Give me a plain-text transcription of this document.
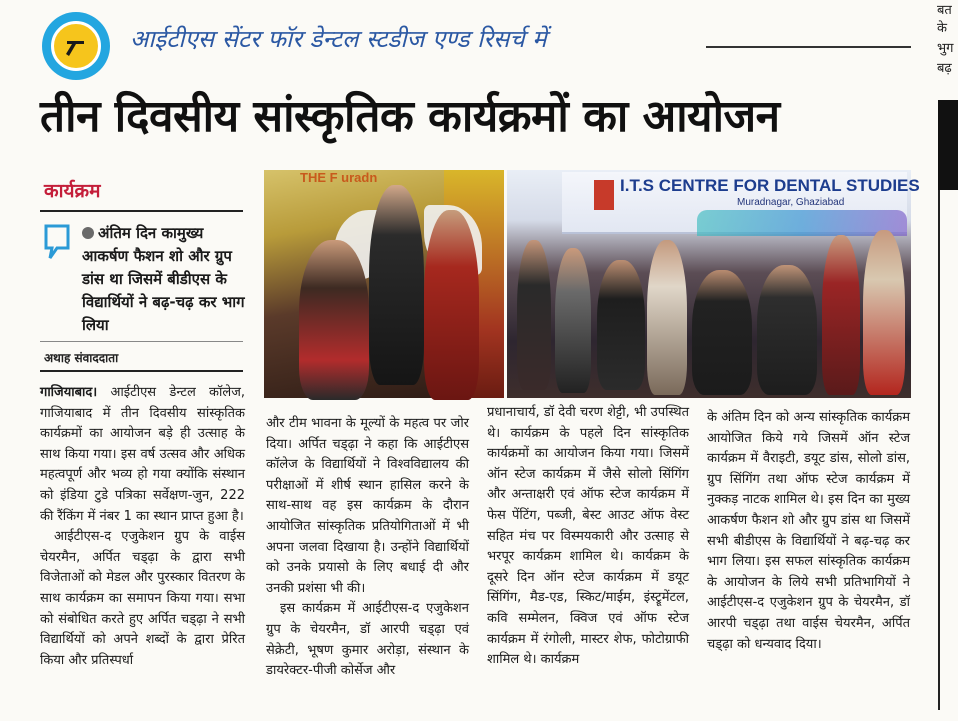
आईटीएस सेंटर फॉर डेन्टल स्टडीज एण्ड रिसर्च में
तीन दिवसीय सांस्कृतिक कार्यक्रमों का आयोजन
कार्यक्रम
अंतिम दिन कामुख्य आकर्षण फैशन शो और ग्रुप डांस था जिसमें बीडीएस के विद्यार्थियों ने बढ़-चढ़ कर भाग लिया
अथाह संवाददाता
THE F uradn	I.T.S CENTRE FOR DENTAL STUDIES
Muradnagar, Ghaziabad

गाजियाबाद। आईटीएस डेन्टल कॉलेज, गाजियाबाद में तीन दिवसीय सांस्कृतिक कार्यक्रमों का आयोजन बड़े ही उत्साह के साथ किया गया। इस वर्ष उत्सव और अधिक महत्वपूर्ण और भव्य हो गया क्योंकि संस्थान को इंडिया टुडे पत्रिका सर्वेक्षण-जुन, 222 की रैंकिंग में नंबर 1 का स्थान प्राप्त हुआ है।

आईटीएस-द एजुकेशन ग्रुप के वाईस चेयरमैन, अर्पित चड्ढ़ा के द्वारा सभी विजेताओं को मेडल और पुरस्कार वितरण के साथ कार्यक्रम का समापन किया गया। सभा को संबोधित करते हुए अर्पित चड्ढ़ा ने सभी विद्यार्थियों को अपने शब्दों के द्वारा प्रेरित किया और प्रतिस्पर्धा

और टीम भावना के मूल्यों के महत्व पर जोर दिया। अर्पित चड्ढ़ा ने कहा कि आईटीएस कॉलेज के विद्यार्थियों ने विश्वविद्यालय की परीक्षाओं में शीर्ष स्थान हासिल करने के साथ-साथ वह इस कार्यक्रम के दौरान आयोजित सांस्कृतिक प्रतियोगिताओं में भी अपना जलवा दिखाया है। उन्होंने विद्यार्थियों को उनके प्रयासो के लिए बधाई दी और उनकी प्रशंसा भी की।

इस कार्यक्रम में आईटीएस-द एजुकेशन ग्रुप के चेयरमैन, डॉ आरपी चड्ढ़ा एवं सेक्रेटी, भूषण कुमार अरोड़ा, संस्थान के डायरेक्टर-पीजी कोर्सेज और

प्रधानाचार्य, डॉ देवी चरण शेट्टी, भी उपस्थित थे। कार्यक्रम के पहले दिन सांस्कृतिक कार्यक्रमों का आयोजन किया गया। जिसमें ऑन स्टेज कार्यक्रम में जैसे सोलो सिंगिंग और अन्ताक्षरी एवं ऑफ स्टेज कार्यक्रम में फेस पेंटिंग, पब्जी, बेस्ट आउट ऑफ वेस्ट सहित मंच पर विस्मयकारी और उत्साह से भरपूर कार्यक्रम शामिल थे। कार्यक्रम के दूसरे दिन ऑन स्टेज कार्यक्रम में डयूट सिंगिंग, मैड-एड, स्किट/माईम, इंस्ट्रूमेंटल, कवि सम्मेलन, क्विज एवं ऑफ स्टेज कार्यक्रम में रंगोली, मास्टर शेफ, फोटोग्राफी शामिल थे। कार्यक्रम

के अंतिम दिन को अन्य सांस्कृतिक कार्यक्रम आयोजित किये गये जिसमें ऑन स्टेज कार्यक्रम में वैराइटी, डयूट डांस, सोलो डांस, ग्रुप सिंगिंग तथा ऑफ स्टेज कार्यक्रम में नुक्कड़ नाटक शामिल थे। इस दिन का मुख्य आकर्षण फैशन शो और ग्रुप डांस था जिसमें सभी बीडीएस के विद्यार्थियों ने बढ़-चढ़ कर भाग लिया। इस सफल सांस्कृतिक कार्यक्रम के आयोजन के लिये सभी प्रतिभागियों ने आईटीएस-द एजुकेशन ग्रुप के चेयरमैन, डॉ आरपी चड्ढ़ा तथा वाईस चेयरमैन, अर्पित चड्ढ़ा को धन्यवाद दिया।

बत
के
भुग
बढ़
